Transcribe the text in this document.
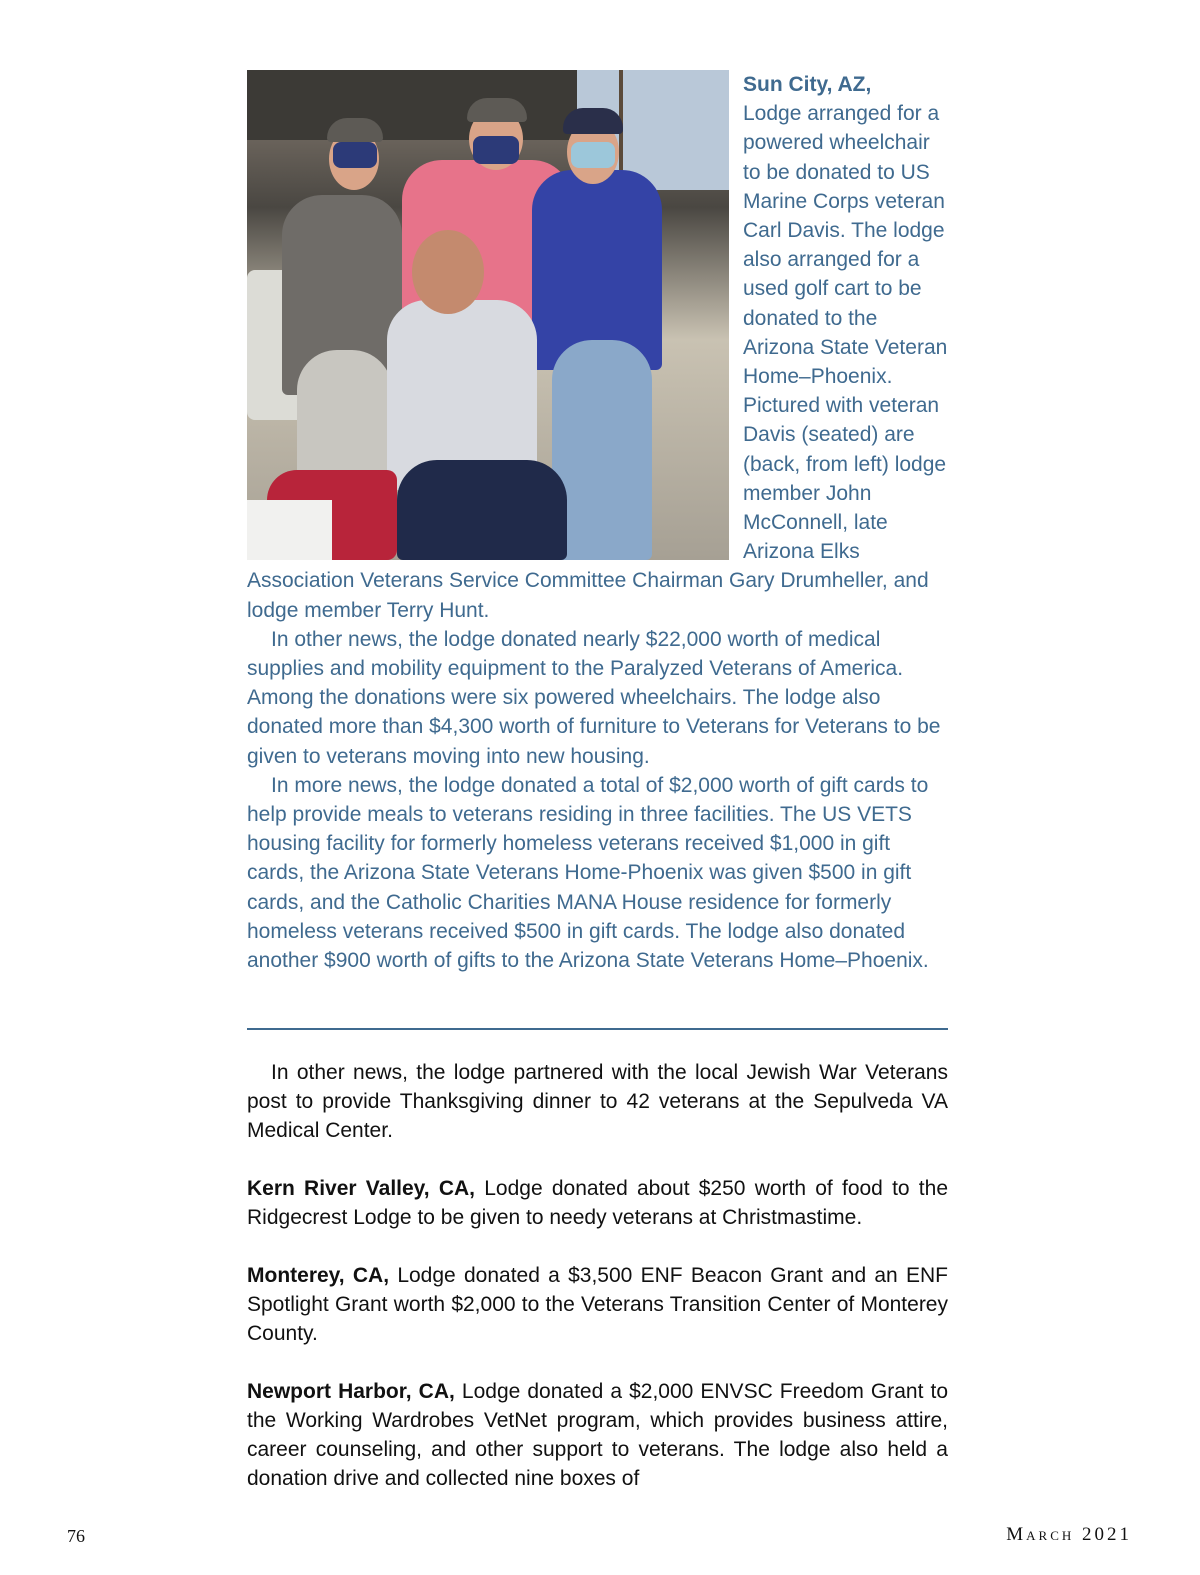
Sun City, AZ,
Lodge arranged for a powered wheelchair to be donated to US Marine Corps veteran Carl Davis. The lodge also arranged for a used golf cart to be donated to the Arizona State Veteran Home–Phoenix. Pictured with veteran Davis (seated) are (back, from left) lodge member John McConnell, late Arizona Elks Association Veterans Service Committee Chairman Gary Drumheller, and lodge member Terry Hunt.

In other news, the lodge donated nearly $22,000 worth of medical supplies and mobility equipment to the Paralyzed Veterans of America. Among the donations were six powered wheelchairs. The lodge also donated more than $4,300 worth of furniture to Veterans for Veterans to be given to veterans moving into new housing.

In more news, the lodge donated a total of $2,000 worth of gift cards to help provide meals to veterans residing in three facilities. The US VETS housing facility for formerly homeless veterans received $1,000 in gift cards, the Arizona State Veterans Home-Phoenix was given $500 in gift cards, and the Catholic Charities MANA House residence for formerly homeless veterans received $500 in gift cards. The lodge also donated another $900 worth of gifts to the Arizona State Veterans Home–Phoenix.

In other news, the lodge partnered with the local Jewish War Veterans post to provide Thanksgiving dinner to 42 veterans at the Sepulveda VA Medical Center.

Kern River Valley, CA, Lodge donated about $250 worth of food to the Ridgecrest Lodge to be given to needy veterans at Christmastime.

Monterey, CA, Lodge donated a $3,500 ENF Beacon Grant and an ENF Spotlight Grant worth $2,000 to the Veterans Transition Center of Monterey County.

Newport Harbor, CA, Lodge donated a $2,000 ENVSC Freedom Grant to the Working Wardrobes VetNet program, which provides business attire, career counseling, and other support to veterans. The lodge also held a donation drive and collected nine boxes of

76	March 2021
